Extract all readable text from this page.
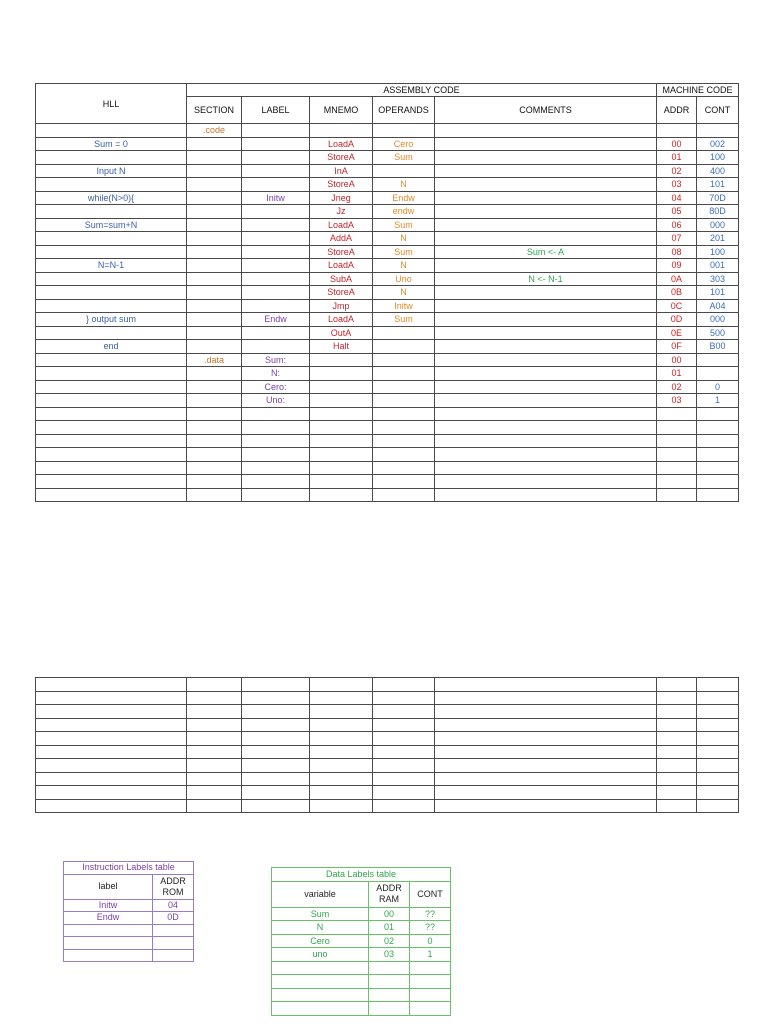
HLL	ASSEMBLY CODE					MACHINE CODE	
	SECTION	LABEL	MNEMO	OPERANDS	COMMENTS	ADDR	CONT
	.code						
Sum = 0			LoadA	Cero		00	002
			StoreA	Sum		01	100
Input N			InA			02	400
			StoreA	N		03	101
while(N>0){		Initw	Jneg	Endw		04	70D
			Jz	endw		05	80D
Sum=sum+N			LoadA	Sum		06	000
			AddA	N		07	201
			StoreA	Sum	Sum <- A	08	100
N=N-1			LoadA	N		09	001
			SubA	Uno	N <- N-1	0A	303
			StoreA	N		0B	101
			Jmp	Initw		0C	A04
} output sum		Endw	LoadA	Sum		0D	000
			OutA			0E	500
end			Halt			0F	B00
	.data	Sum:				00	
		N:				01	
		Cero:				02	0
		Uno:				03	1

Instruction Labels table	
label	ADDR
ROM
Initw	04
Endw	0D

Data Labels table		
variable	ADDR
RAM	CONT
Sum	00	??
N	01	??
Cero	02	0
uno	03	1
